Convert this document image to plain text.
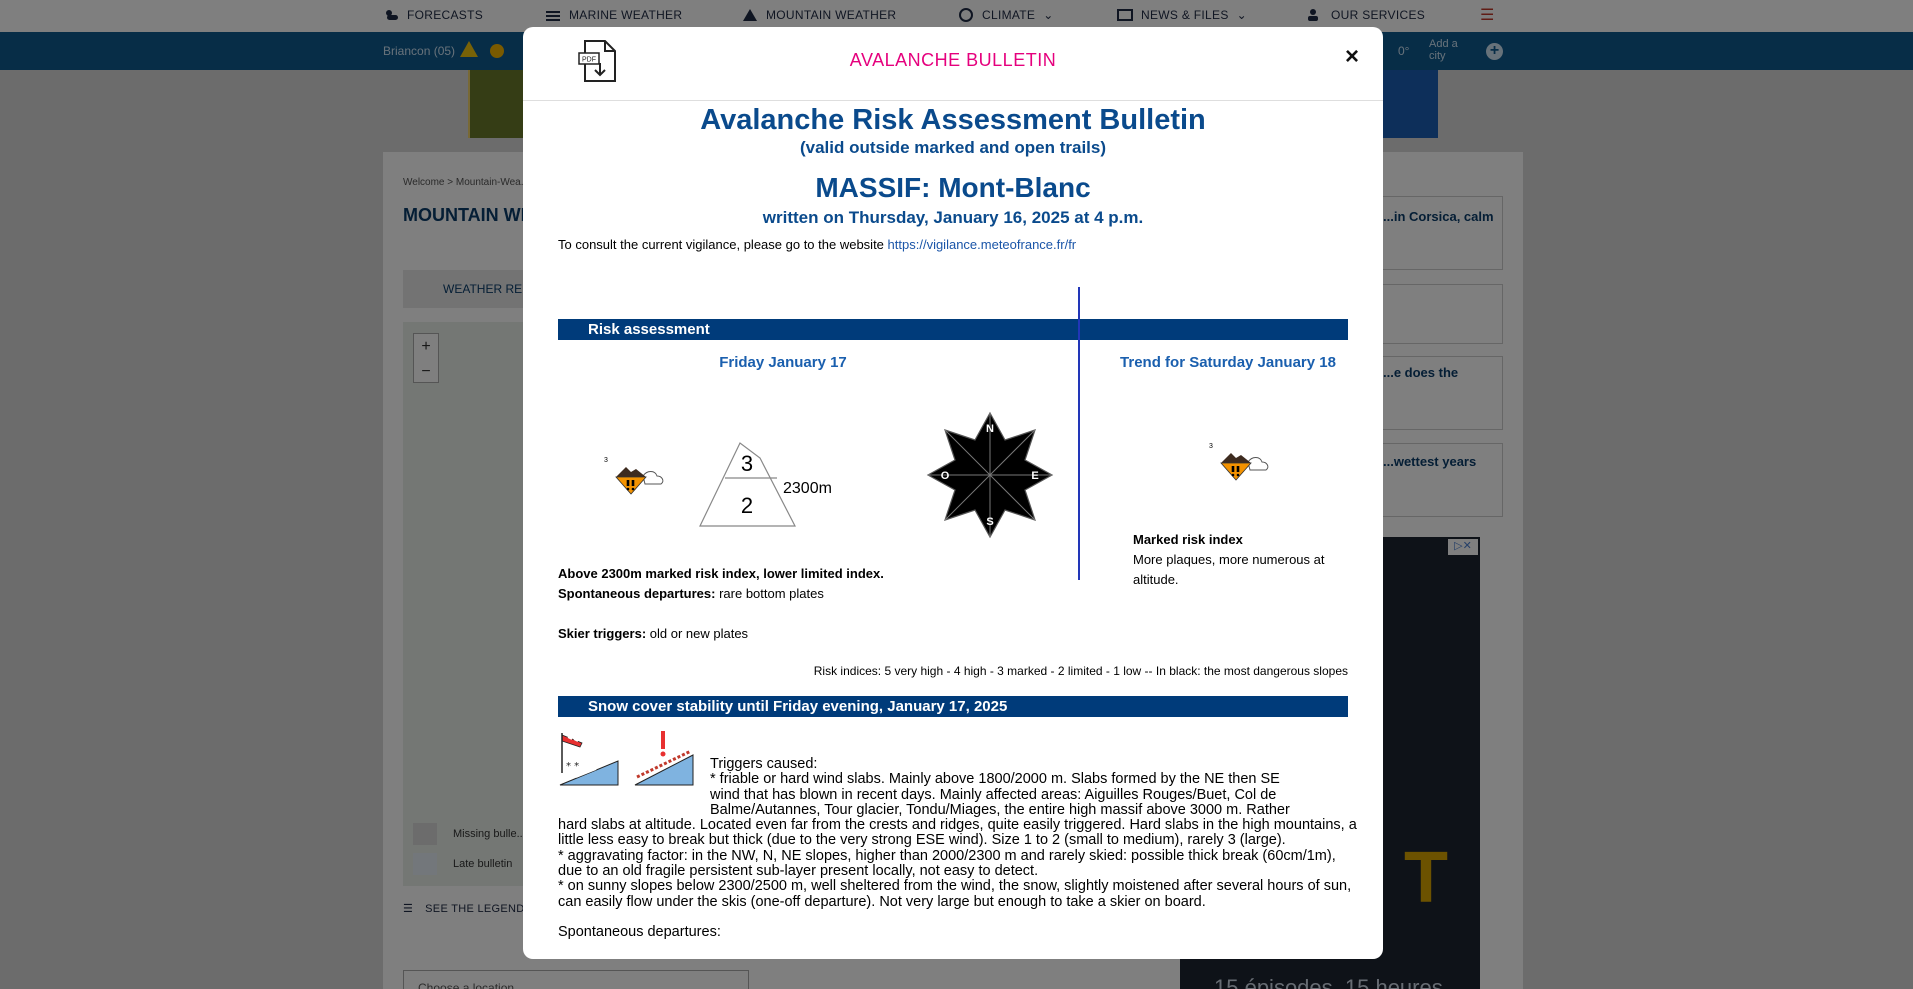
PDF	AVALANCHE BULLETIN	×
Avalanche Risk Assessment Bulletin
(valid outside marked and open trails)
MASSIF: Mont-Blanc
written on Thursday, January 16, 2025 at 4 p.m.
To consult the current vigilance, please go to the website https://vigilance.meteofrance.fr/fr
Risk assessment
Friday January 17	Trend for Saturday January 18
3	3
2
2300m
N
E
S
O
3
Above 2300m marked risk index, lower limited index.
Spontaneous departures: rare bottom plates
Skier triggers: old or new plates
Marked risk index
More plaques, more numerous at altitude.
Risk indices: 5 very high - 4 high - 3 marked - 2 limited - 1 low -- In black: the most dangerous slopes
Snow cover stability until Friday evening, January 17, 2025
* *	Triggers caused:
* friable or hard wind slabs. Mainly above 1800/2000 m. Slabs formed by the NE then SE
wind that has blown in recent days. Mainly affected areas: Aiguilles Rouges/Buet, Col de
Balme/Autannes, Tour glacier, Tondu/Miages, the entire high massif above 3000 m. Rather
hard slabs at altitude. Located even far from the crests and ridges, quite easily triggered. Hard slabs in the high mountains, a little less easy to break but thick (due to the very strong ESE wind). Size 1 to 2 (small to medium), rarely 3 (large).
* aggravating factor: in the NW, N, NE slopes, higher than 2000/2300 m and rarely skied: possible thick break (60cm/1m), due to an old fragile persistent sub-layer present locally, not easy to detect.
* on sunny slopes below 2300/2500 m, well sheltered from the wind, the snow, slightly moistened after several hours of sun, can easily flow under the skis (one-off departure). Not very large but enough to take a skier on board.
Spontaneous departures:
